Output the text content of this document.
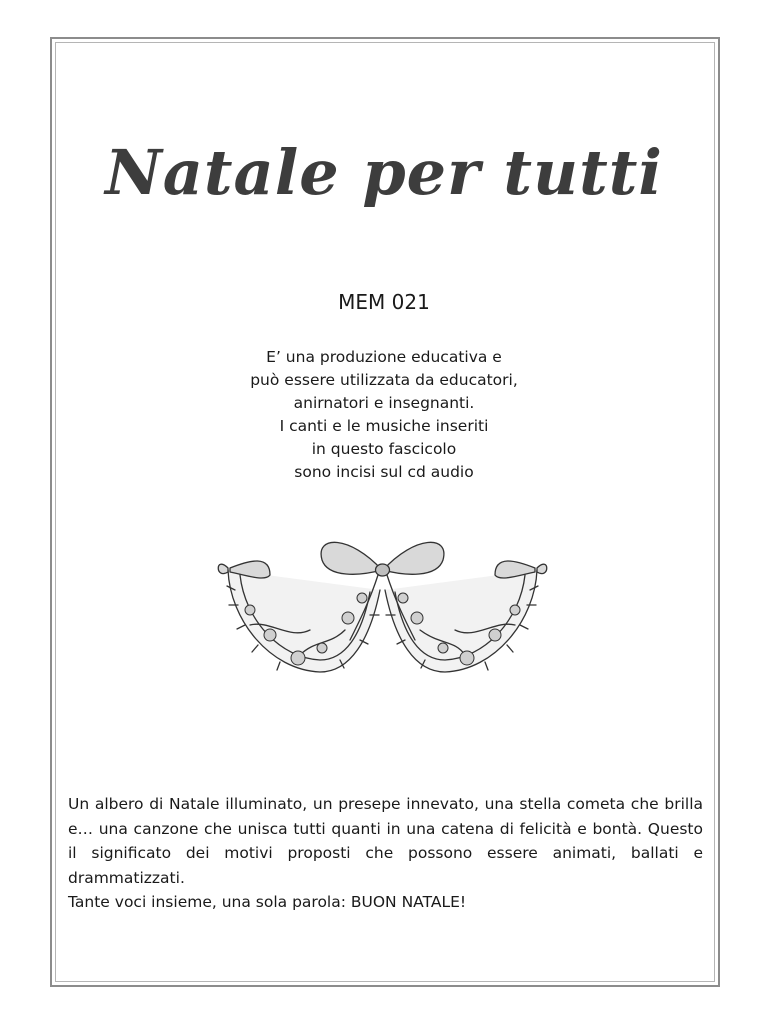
Natale per tutti
MEM 021
E’ una produzione educativa e
può essere utilizzata da educatori,
anirnatori e insegnanti.
I canti e le musiche inseriti
in questo fascicolo
sono incisi sul cd audio

Un albero di Natale illuminato, un presepe innevato, una stella cometa che brilla e… una canzone che unisca tutti quanti in una catena di felicità e bontà. Questo il significato dei motivi proposti che possono essere animati, ballati e drammatizzati.

Tante voci insieme, una sola parola: BUON NATALE!
